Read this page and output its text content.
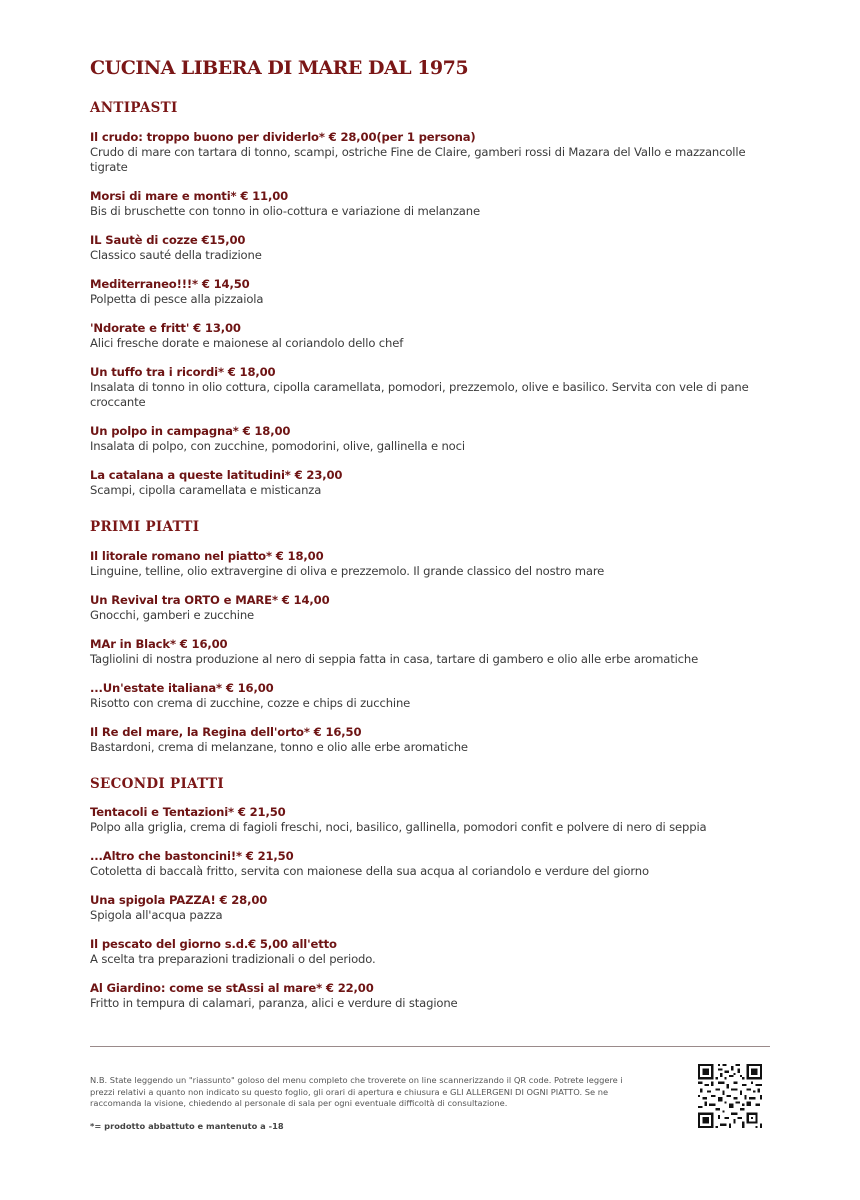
CUCINA LIBERA DI MARE DAL 1975
ANTIPASTI
Il crudo: troppo buono per dividerlo* € 28,00(per 1 persona)
Crudo di mare con tartara di tonno, scampi, ostriche Fine de Claire, gamberi rossi di Mazara del Vallo e mazzancolle tigrate
Morsi di mare e monti* € 11,00
Bis di bruschette con tonno in olio-cottura e variazione di melanzane
IL Sautè di cozze €15,00
Classico sauté della tradizione
Mediterraneo!!!* € 14,50
Polpetta di pesce alla pizzaiola
'Ndorate e fritt' € 13,00
Alici fresche dorate e maionese al coriandolo dello chef
Un tuffo tra i ricordi* € 18,00
Insalata di tonno in olio cottura, cipolla caramellata, pomodori, prezzemolo, olive e basilico. Servita con vele di pane croccante
Un polpo in campagna* € 18,00
Insalata di polpo, con zucchine, pomodorini, olive, gallinella e noci
La catalana a queste latitudini* € 23,00
Scampi, cipolla caramellata e misticanza
PRIMI PIATTI
Il litorale romano nel piatto* € 18,00
Linguine, telline, olio extravergine di oliva e prezzemolo. Il grande classico del nostro mare
Un Revival tra ORTO e MARE* € 14,00
Gnocchi, gamberi e zucchine
MAr in Black* € 16,00
Tagliolini di nostra produzione al nero di seppia fatta in casa, tartare di gambero e olio alle erbe aromatiche
...Un'estate italiana* € 16,00
Risotto con crema di zucchine, cozze e chips di zucchine
Il Re del mare, la Regina dell'orto* € 16,50
Bastardoni, crema di melanzane, tonno e olio alle erbe aromatiche
SECONDI PIATTI
Tentacoli e Tentazioni* € 21,50
Polpo alla griglia, crema di fagioli freschi, noci, basilico, gallinella, pomodori confit e polvere di nero di seppia
...Altro che bastoncini!* € 21,50
Cotoletta di baccalà fritto, servita con maionese della sua acqua al coriandolo e verdure del giorno
Una spigola PAZZA! € 28,00
Spigola all'acqua pazza
Il pescato del giorno s.d.€ 5,00 all'etto
A scelta tra preparazioni tradizionali o del periodo.
Al Giardino: come se stAssi al mare* € 22,00
Fritto in tempura di calamari, paranza, alici e verdure di stagione
N.B. State leggendo un "riassunto" goloso del menu completo che troverete on line scannerizzando il QR code. Potrete leggere i prezzi relativi a quanto non indicato su questo foglio, gli orari di apertura e chiusura e GLI ALLERGENI DI OGNI PIATTO. Se ne raccomanda la visione, chiedendo al personale di sala per ogni eventuale difficoltà di consultazione.
*= prodotto abbattuto e mantenuto a -18
